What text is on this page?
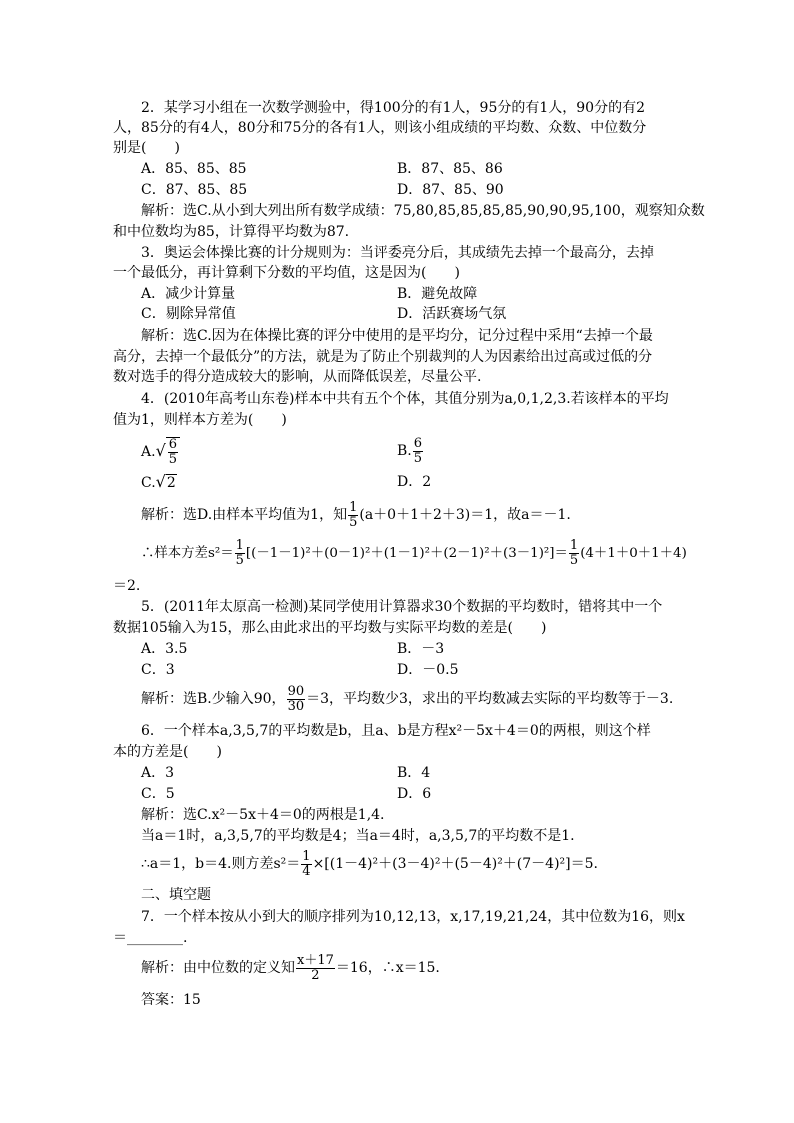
2．某学习小组在一次数学测验中，得100分的有1人，95分的有1人，90分的有2
人，85分的有4人，80分和75分的各有1人，则该小组成绩的平均数、众数、中位数分
别是(　　)
A．85、85、85	B．87、85、86
C．87、85、85	D．87、85、90
解析：选C.从小到大列出所有数学成绩：75,80,85,85,85,85,90,90,95,100，观察知众数
和中位数均为85，计算得平均数为87.
3．奥运会体操比赛的计分规则为：当评委亮分后，其成绩先去掉一个最高分，去掉
一个最低分，再计算剩下分数的平均值，这是因为(　　)
A．减少计算量	B．避免故障
C．剔除异常值	D．活跃赛场气氛
解析：选C.因为在体操比赛的评分中使用的是平均分，记分过程中采用“去掉一个最
高分，去掉一个最低分”的方法，就是为了防止个别裁判的人为因素给出过高或过低的分
数对选手的得分造成较大的影响，从而降低误差，尽量公平.
4．(2010年高考山东卷)样本中共有五个个体，其值分别为a,0,1,2,3.若该样本的平均
值为1，则样本方差为(　　)
$A.√ \frac{6}{5}$	B. $\frac{6}{5}$
C.√2	D．2
解析：选D.由样本平均值为1，知 $\frac{1}{5} (a+0+1+2+3)=1$，故a＝－1.
∴样本方差$s^2= \frac{1}{5} [(-1-1)^2+(0-1)^2+(1-1)^2+(2-1)^2+(3-1)^2]= \frac{1}{5} (4+1+0+1+4)$
＝2.
5．(2011年太原高一检测)某同学使用计算器求30个数据的平均数时，错将其中一个
数据105输入为15，那么由此求出的平均数与实际平均数的差是(　　)
A．3.5	B．－3
C．3	D．－0.5
解析：选B.少输入90， $\frac{90}{30} =3$，平均数少3，求出的平均数减去实际的平均数等于－3.
6．一个样本a,3,5,7的平均数是b，且a、b是方程x²－5x＋4＝0的两根，则这个样
本的方差是(　　)
A．3	B．4
C．5	D．6
解析：选C.x²－5x＋4＝0的两根是1,4.
当a＝1时，a,3,5,7的平均数是4；当a＝4时，a,3,5,7的平均数不是1.
∴a＝1，b＝4.则方差$s^2= \frac{1}{4} \times[(1-4)^2+(3-4)^2+(5-4)^2+(7-4)^2]=5$.
二、填空题
7．一个样本按从小到大的顺序排列为10,12,13，x,17,19,21,24，其中位数为16，则x
＝________.
解析：由中位数的定义知 $\frac{x+17}{2} =16$，∴x＝15.
答案：15
